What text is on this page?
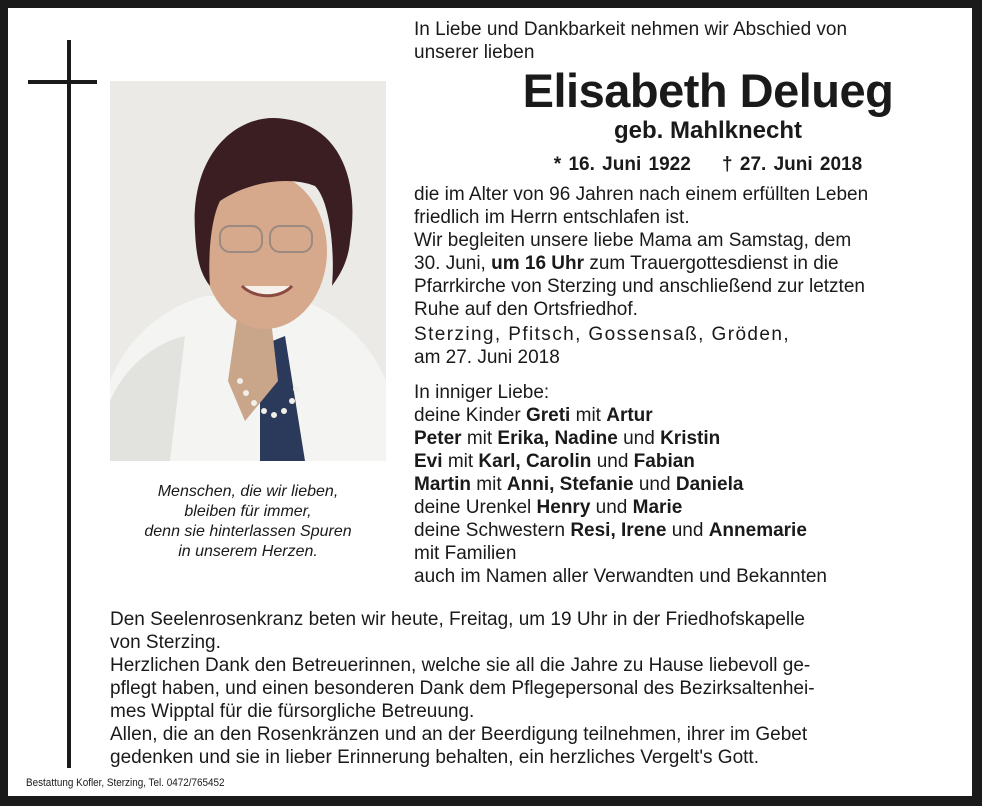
Menschen, die wir lieben,
bleiben für immer,
denn sie hinterlassen Spuren
in unserem Herzen.
In Liebe und Dankbarkeit nehmen wir Abschied von
unserer lieben
Elisabeth Delueg
geb. Mahlknecht
* 16. Juni 1922 † 27. Juni 2018
die im Alter von 96 Jahren nach einem erfüllten Leben
friedlich im Herrn entschlafen ist.
Wir begleiten unsere liebe Mama am Samstag, dem
30. Juni, um 16 Uhr zum Trauergottesdienst in die
Pfarrkirche von Sterzing und anschließend zur letzten
Ruhe auf den Ortsfriedhof.
Sterzing, Pfitsch, Gossensaß, Gröden,
am 27. Juni 2018
In inniger Liebe:
deine Kinder Greti mit Artur
Peter mit Erika, Nadine und Kristin
Evi mit Karl, Carolin und Fabian
Martin mit Anni, Stefanie und Daniela
deine Urenkel Henry und Marie
deine Schwestern Resi, Irene und Annemarie
mit Familien
auch im Namen aller Verwandten und Bekannten
Den Seelenrosenkranz beten wir heute, Freitag, um 19 Uhr in der Friedhofskapelle
von Sterzing.
Herzlichen Dank den Betreuerinnen, welche sie all die Jahre zu Hause liebevoll ge-
pflegt haben, und einen besonderen Dank dem Pflegepersonal des Bezirksaltenhei-
mes Wipptal für die fürsorgliche Betreuung.
Allen, die an den Rosenkränzen und an der Beerdigung teilnehmen, ihrer im Gebet
gedenken und sie in lieber Erinnerung behalten, ein herzliches Vergelt's Gott.
Bestattung Kofler, Sterzing, Tel. 0472/765452
